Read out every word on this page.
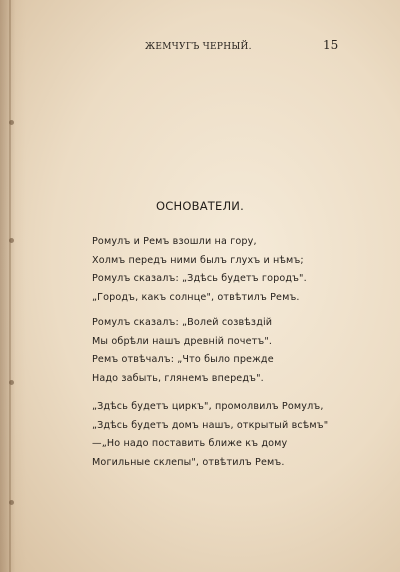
ЖЕМЧУГЪ ЧЕРНЫЙ.	15
ОСНОВАТЕЛИ.
Ромулъ и Ремъ взошли на гору,
Холмъ передъ ними былъ глухъ и нѣмъ;
Ромулъ сказалъ: „Здѣсь будетъ городъ".
„Городъ, какъ солнце", отвѣтилъ Ремъ.
Ромулъ сказалъ: „Волей созвѣздій
Мы обрѣли нашъ древній почетъ".
Ремъ отвѣчалъ: „Что было прежде
Надо забыть, глянемъ впередъ".
„Здѣсь будетъ циркъ", промолвилъ Ромулъ,
„Здѣсь будетъ домъ нашъ, открытый всѣмъ"
—„Но надо поставить ближе къ дому
Могильные склепы", отвѣтилъ Ремъ.
